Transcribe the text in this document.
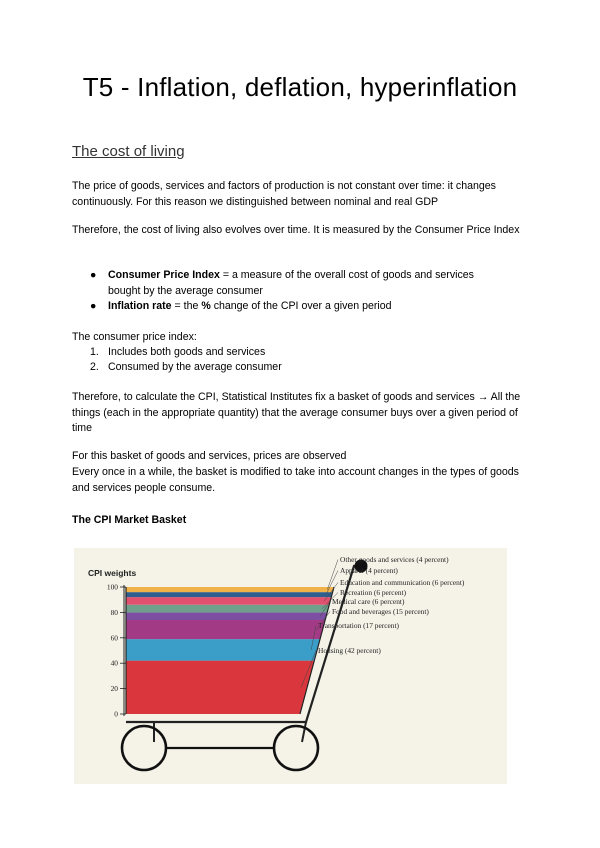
T5 - Inflation, deflation, hyperinflation
The cost of living
The price of goods, services and factors of production is not constant over time: it changes continuously. For this reason we distinguished between nominal and real GDP
Therefore, the cost of living also evolves over time. It is measured by the Consumer Price Index
● Consumer Price Index = a measure of the overall cost of goods and services bought by the average consumer
● Inflation rate = the % change of the CPI over a given period
The consumer price index:
1. Includes both goods and services
2. Consumed by the average consumer
Therefore, to calculate the CPI, Statistical Institutes fix a basket of goods and services → All the things (each in the appropriate quantity) that the average consumer buys over a given period of time
For this basket of goods and services, prices are observed
Every once in a while, the basket is modified to take into account changes in the types of goods and services people consume.
The CPI Market Basket
CPI weights
0
20
40
60
80
100
Housing (42 percent)
Transportation (17 percent)
Food and beverages (15 percent)
Medical care (6 percent)
Recreation (6 percent)
Education and communication (6 percent)
Apparel (4 percent)
Other goods and services (4 percent)
